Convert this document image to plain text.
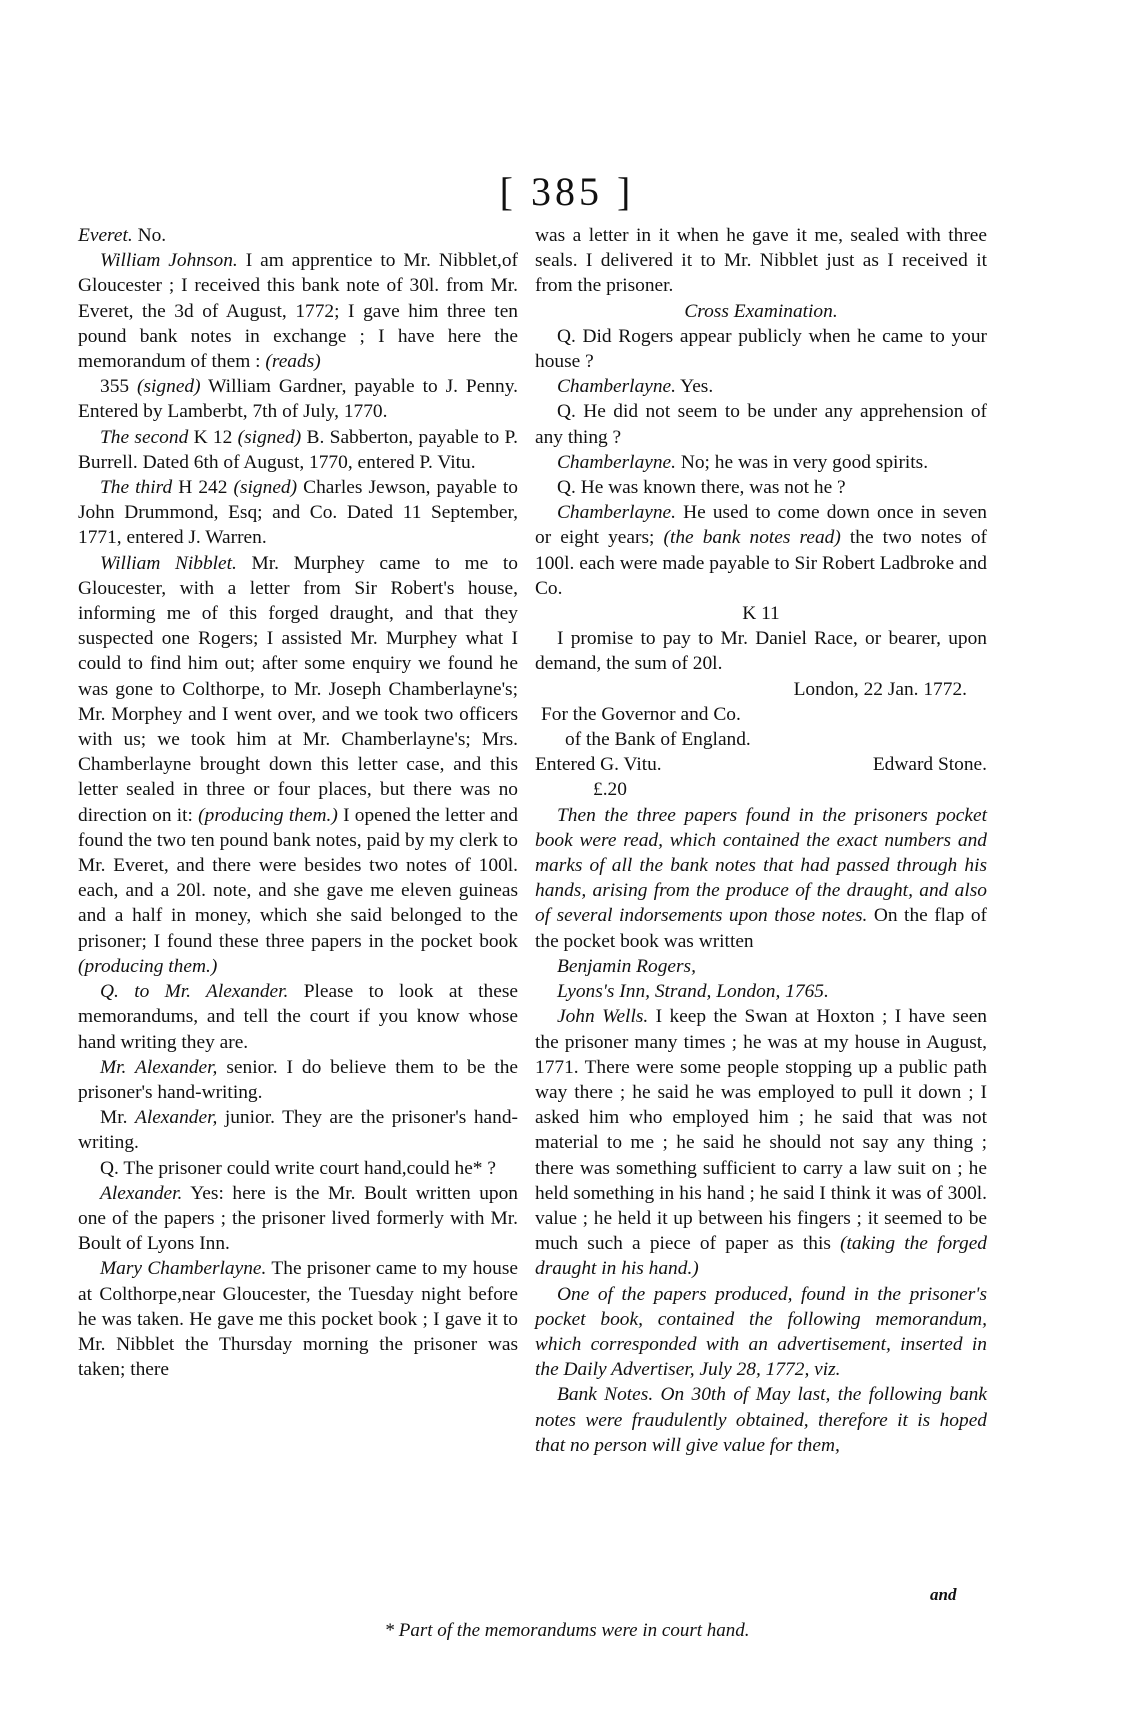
[ 385 ]

Everet. No.

William Johnson. I am apprentice to Mr. Nibblet,of Gloucester ; I received this bank note of 30l. from Mr. Everet, the 3d of August, 1772; I gave him three ten pound bank notes in exchange ; I have here the memorandum of them : (reads)

355 (signed) William Gardner, payable to J. Penny. Entered by Lamberbt, 7th of July, 1770.

The second K 12 (signed) B. Sabberton, payable to P. Burrell. Dated 6th of August, 1770, entered P. Vitu.

The third H 242 (signed) Charles Jewson, payable to John Drummond, Esq; and Co. Dated 11 September, 1771, entered J. Warren.

William Nibblet. Mr. Murphey came to me to Gloucester, with a letter from Sir Robert's house, informing me of this forged draught, and that they suspected one Rogers; I assisted Mr. Murphey what I could to find him out; after some enquiry we found he was gone to Colthorpe, to Mr. Joseph Chamberlayne's; Mr. Morphey and I went over, and we took two officers with us; we took him at Mr. Chamberlayne's; Mrs. Chamberlayne brought down this letter case, and this letter sealed in three or four places, but there was no direction on it: (producing them.) I opened the letter and found the two ten pound bank notes, paid by my clerk to Mr. Everet, and there were besides two notes of 100l. each, and a 20l. note, and she gave me eleven guineas and a half in money, which she said belonged to the prisoner; I found these three papers in the pocket book (producing them.)

Q. to Mr. Alexander. Please to look at these memorandums, and tell the court if you know whose hand writing they are.

Mr. Alexander, senior. I do believe them to be the prisoner's hand-writing.

Mr. Alexander, junior. They are the prisoner's hand-writing.

Q. The prisoner could write court hand,could he* ?

Alexander. Yes: here is the Mr. Boult written upon one of the papers ; the prisoner lived formerly with Mr. Boult of Lyons Inn.

Mary Chamberlayne. The prisoner came to my house at Colthorpe,near Gloucester, the Tuesday night before he was taken. He gave me this pocket book ; I gave it to Mr. Nibblet the Thursday morning the prisoner was taken; there

was a letter in it when he gave it me, sealed with three seals. I delivered it to Mr. Nibblet just as I received it from the prisoner.

Cross Examination.

Q. Did Rogers appear publicly when he came to your house ?

Chamberlayne. Yes.

Q. He did not seem to be under any apprehension of any thing ?

Chamberlayne. No; he was in very good spirits.

Q. He was known there, was not he ?

Chamberlayne. He used to come down once in seven or eight years; (the bank notes read) the two notes of 100l. each were made payable to Sir Robert Ladbroke and Co.

K 11

I promise to pay to Mr. Daniel Race, or bearer, upon demand, the sum of 20l.

London, 22 Jan. 1772.

For the Governor and Co.

of the Bank of England.

Entered G. Vitu.	Edward Stone.

£.20

Then the three papers found in the prisoners pocket book were read, which contained the exact numbers and marks of all the bank notes that had passed through his hands, arising from the produce of the draught, and also of several indorsements upon those notes. On the flap of the pocket book was written

Benjamin Rogers,

Lyons's Inn, Strand, London, 1765.

John Wells. I keep the Swan at Hoxton ; I have seen the prisoner many times ; he was at my house in August, 1771. There were some people stopping up a public path way there ; he said he was employed to pull it down ; I asked him who employed him ; he said that was not material to me ; he said he should not say any thing ; there was something sufficient to carry a law suit on ; he held something in his hand ; he said I think it was of 300l. value ; he held it up between his fingers ; it seemed to be much such a piece of paper as this (taking the forged draught in his hand.)

One of the papers produced, found in the prisoner's pocket book, contained the following memorandum, which corresponded with an advertisement, inserted in the Daily Advertiser, July 28, 1772, viz.

Bank Notes. On 30th of May last, the following bank notes were fraudulently obtained, therefore it is hoped that no person will give value for them,

and
* Part of the memorandums were in court hand.
